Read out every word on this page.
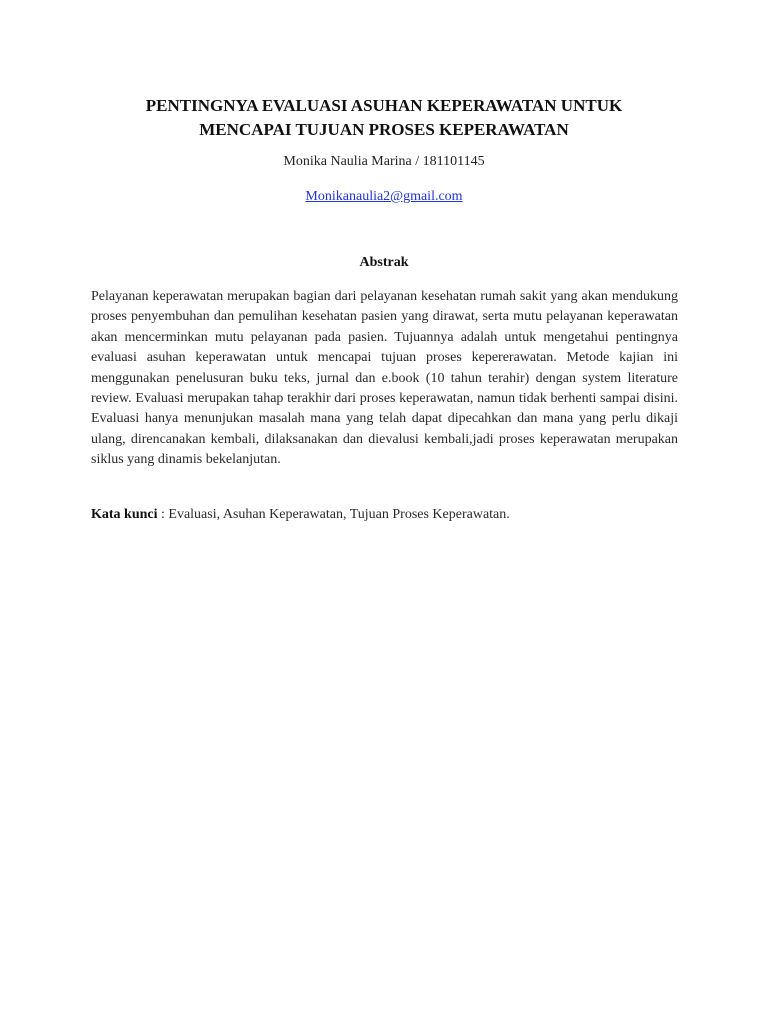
PENTINGNYA EVALUASI ASUHAN KEPERAWATAN UNTUK
MENCAPAI TUJUAN PROSES KEPERAWATAN
Monika Naulia Marina / 181101145
Monikanaulia2@gmail.com
Abstrak

Pelayanan keperawatan merupakan bagian dari pelayanan kesehatan rumah sakit yang akan mendukung proses penyembuhan dan pemulihan kesehatan pasien yang dirawat, serta mutu pelayanan keperawatan akan mencerminkan mutu pelayanan pada pasien. Tujuannya adalah untuk mengetahui pentingnya evaluasi asuhan keperawatan untuk mencapai tujuan proses kepererawatan. Metode kajian ini menggunakan penelusuran buku teks, jurnal dan e.book (10 tahun terahir) dengan system literature review. Evaluasi merupakan tahap terakhir dari proses keperawatan, namun tidak berhenti sampai disini. Evaluasi hanya menunjukan masalah mana yang telah dapat dipecahkan dan mana yang perlu dikaji ulang, direncanakan kembali, dilaksanakan dan dievalusi kembali,jadi proses keperawatan merupakan siklus yang dinamis bekelanjutan.

Kata kunci : Evaluasi, Asuhan Keperawatan, Tujuan Proses Keperawatan.
